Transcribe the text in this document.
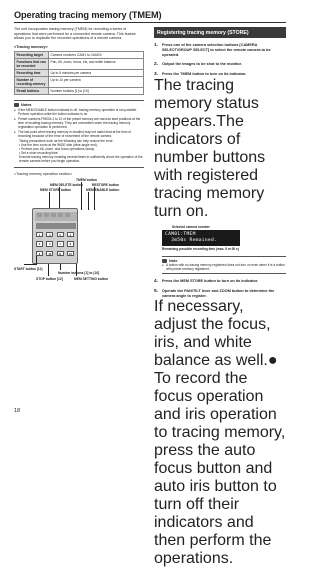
Operating tracing memory (TMEM)

The unit incorporates tracing memory (TMEM) for recording a series of operations that were performed for a connected remote camera. This feature allows you to duplicate the recorded operations of a remote camera.

<Tracing memory>

Recording target	Camera numbers CAM1 to CAM10
Functions that can be recorded	Pan, tilt, zoom, focus, iris, and white balance
Recording time	Up to 5 minutes per camera
Number of recording memory	Up to 10 per camera
Recall buttons	Number buttons [1] to [10]
Notes
● If the MEM ENABLE button indicator is off, tracing memory operation is not possible. Perform operation while the button indicator is on.
● Preset numbers PM004-1 to 10 of the preset memory are used as start positions at the time of recalling tracing memory. They are overwritten when the tracing memory registration operation is performed.
● The last point when tracing memory is recalled may not match that at the time of recording because of the error of movement of the remote camera.
Taking precautions such as the following can help reduce the error:
• Use the lens zoom at the WIDE side (wide-angle end).
• Perform pan, tilt, zoom, and focus operations slowly.
• Set a short recording time.
Execute tracing memory recalling several times to sufficiently check the operation of the remote camera before you begin operation.

<Tracing memory operation section>

TMEM button
MEM DELETE button	RESTORE button
MEM STORE button	MEM ENABLE button
1	2	3	4
5	6	7	8
9	10	11	12
START button [11]
Number buttons [1] to [10]
STOP button [12]	MEM SETTING button
Registering tracing memory (STORE)
1.	Press one of the camera selection buttons [CAMERA SELECT/GROUP SELECT] to select the remote camera to be operated.
2.	Output the images to be shot to the monitor.
3.	Press the TMEM button to turn on its indicator.
The tracing memory status appears.The indicators of number buttons with registered tracing memory turn on.
Selected camera number
CAM01:TMEM
3m50s Remained.
Remaining possible recording time (max. 5 m 00 s)
Note
● A button with no tracing memory registered does not turn on even when it is a button with preset memory registered.
4.	Press the MEM STORE button to turn on its indicator.
5.	Operate the PAN/TILT lever and ZOOM button to determine the camera angle to register.
If necessary, adjust the focus, iris, and white balance as well.● To record the focus operation and iris operation to tracing memory, press the auto focus button and auto iris button to turn off their indicators and then perform the operations.
18
